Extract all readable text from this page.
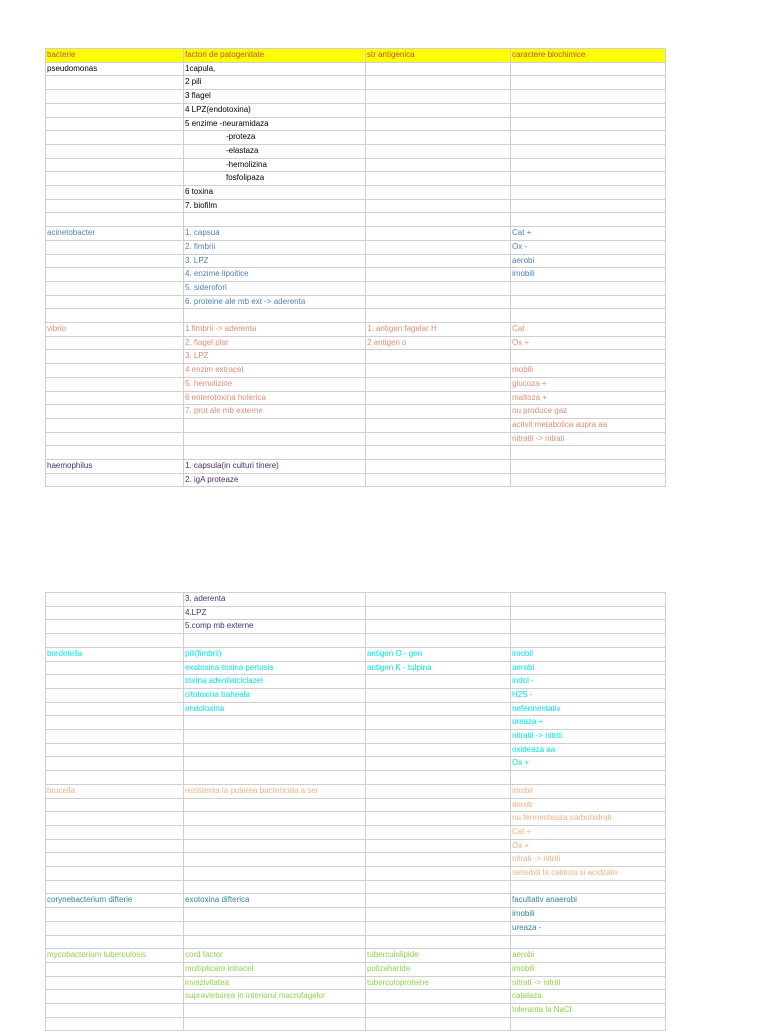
bacterie	factori de patogenitate	str antigenica	caractere biochimice
pseudomonas	1capula,		
	2 pili		
	3 flagel		
	4 LPZ(endotoxina)		
	5 enzime -neuramidaza		
	-proteza		
	-elastaza		
	-hemolizina		
	fosfolipaza		
	6 toxina		
	7. biofilm		

acinetobacter	1. capsua		Cat +
	2. fimbrii		Ox -
	3. LPZ		aerobi
	4. enzime lipoitice		imobili
	5. siderofori		
	6. proteine ale mb ext -> aderenta		

vibrio	1.fimbrii -> aderenta	1. antigen fagelar H	Cat
	2. flagel plar	2 antigen o	Ox +
	3. LPZ		
	4 enzim extracel		mobili
	5. hemolizine		glucoza +
	6 enterotoxina holerica		maltoza +
	7. prot ale mb externe		nu produce gaz
			activit metabolica aupra aa
			nitratii -> nitrati

haemophilus	1. capsula(in culturi tinere)		
	2. igA proteaze		
	3. aderenta		
	4.LPZ		
	5.comp mb externe		

bordetella	pili(fimbrii)	antigen O - gen	imobil
	exotoxina-toxina pertusis	antigen K - tulpina	aerobi
	toxina adenilatciclazei		indol -
	citotoxina traheala		H2S -
	endotoxina		nefermentativ
			ureaza +
			nitratii -> nitriti
			oxideaza aa
			Ox +

brucella	rezistenta la puterea bactericida a ser		imobil
			aerob
			nu fermenteaza carbohidrati
			Cat +
			Ox +
			nitrati -> nitriti
			sensibili la caldura si aciditate

corynebacterium difterie	exotoxina difterica		facultativ anaerobi
			imobili
			ureaza -

mycobacterium tuberculosis	cord factor	tuberculolipide	aerobi
	multiplicare intracel	polizaharide	imobili
	invazivitatea	tuberculoproteine	nitrati -> nitriti
	supravietuirea in interiorul macrofagelor		catalaza
			toleranta la NaCl
